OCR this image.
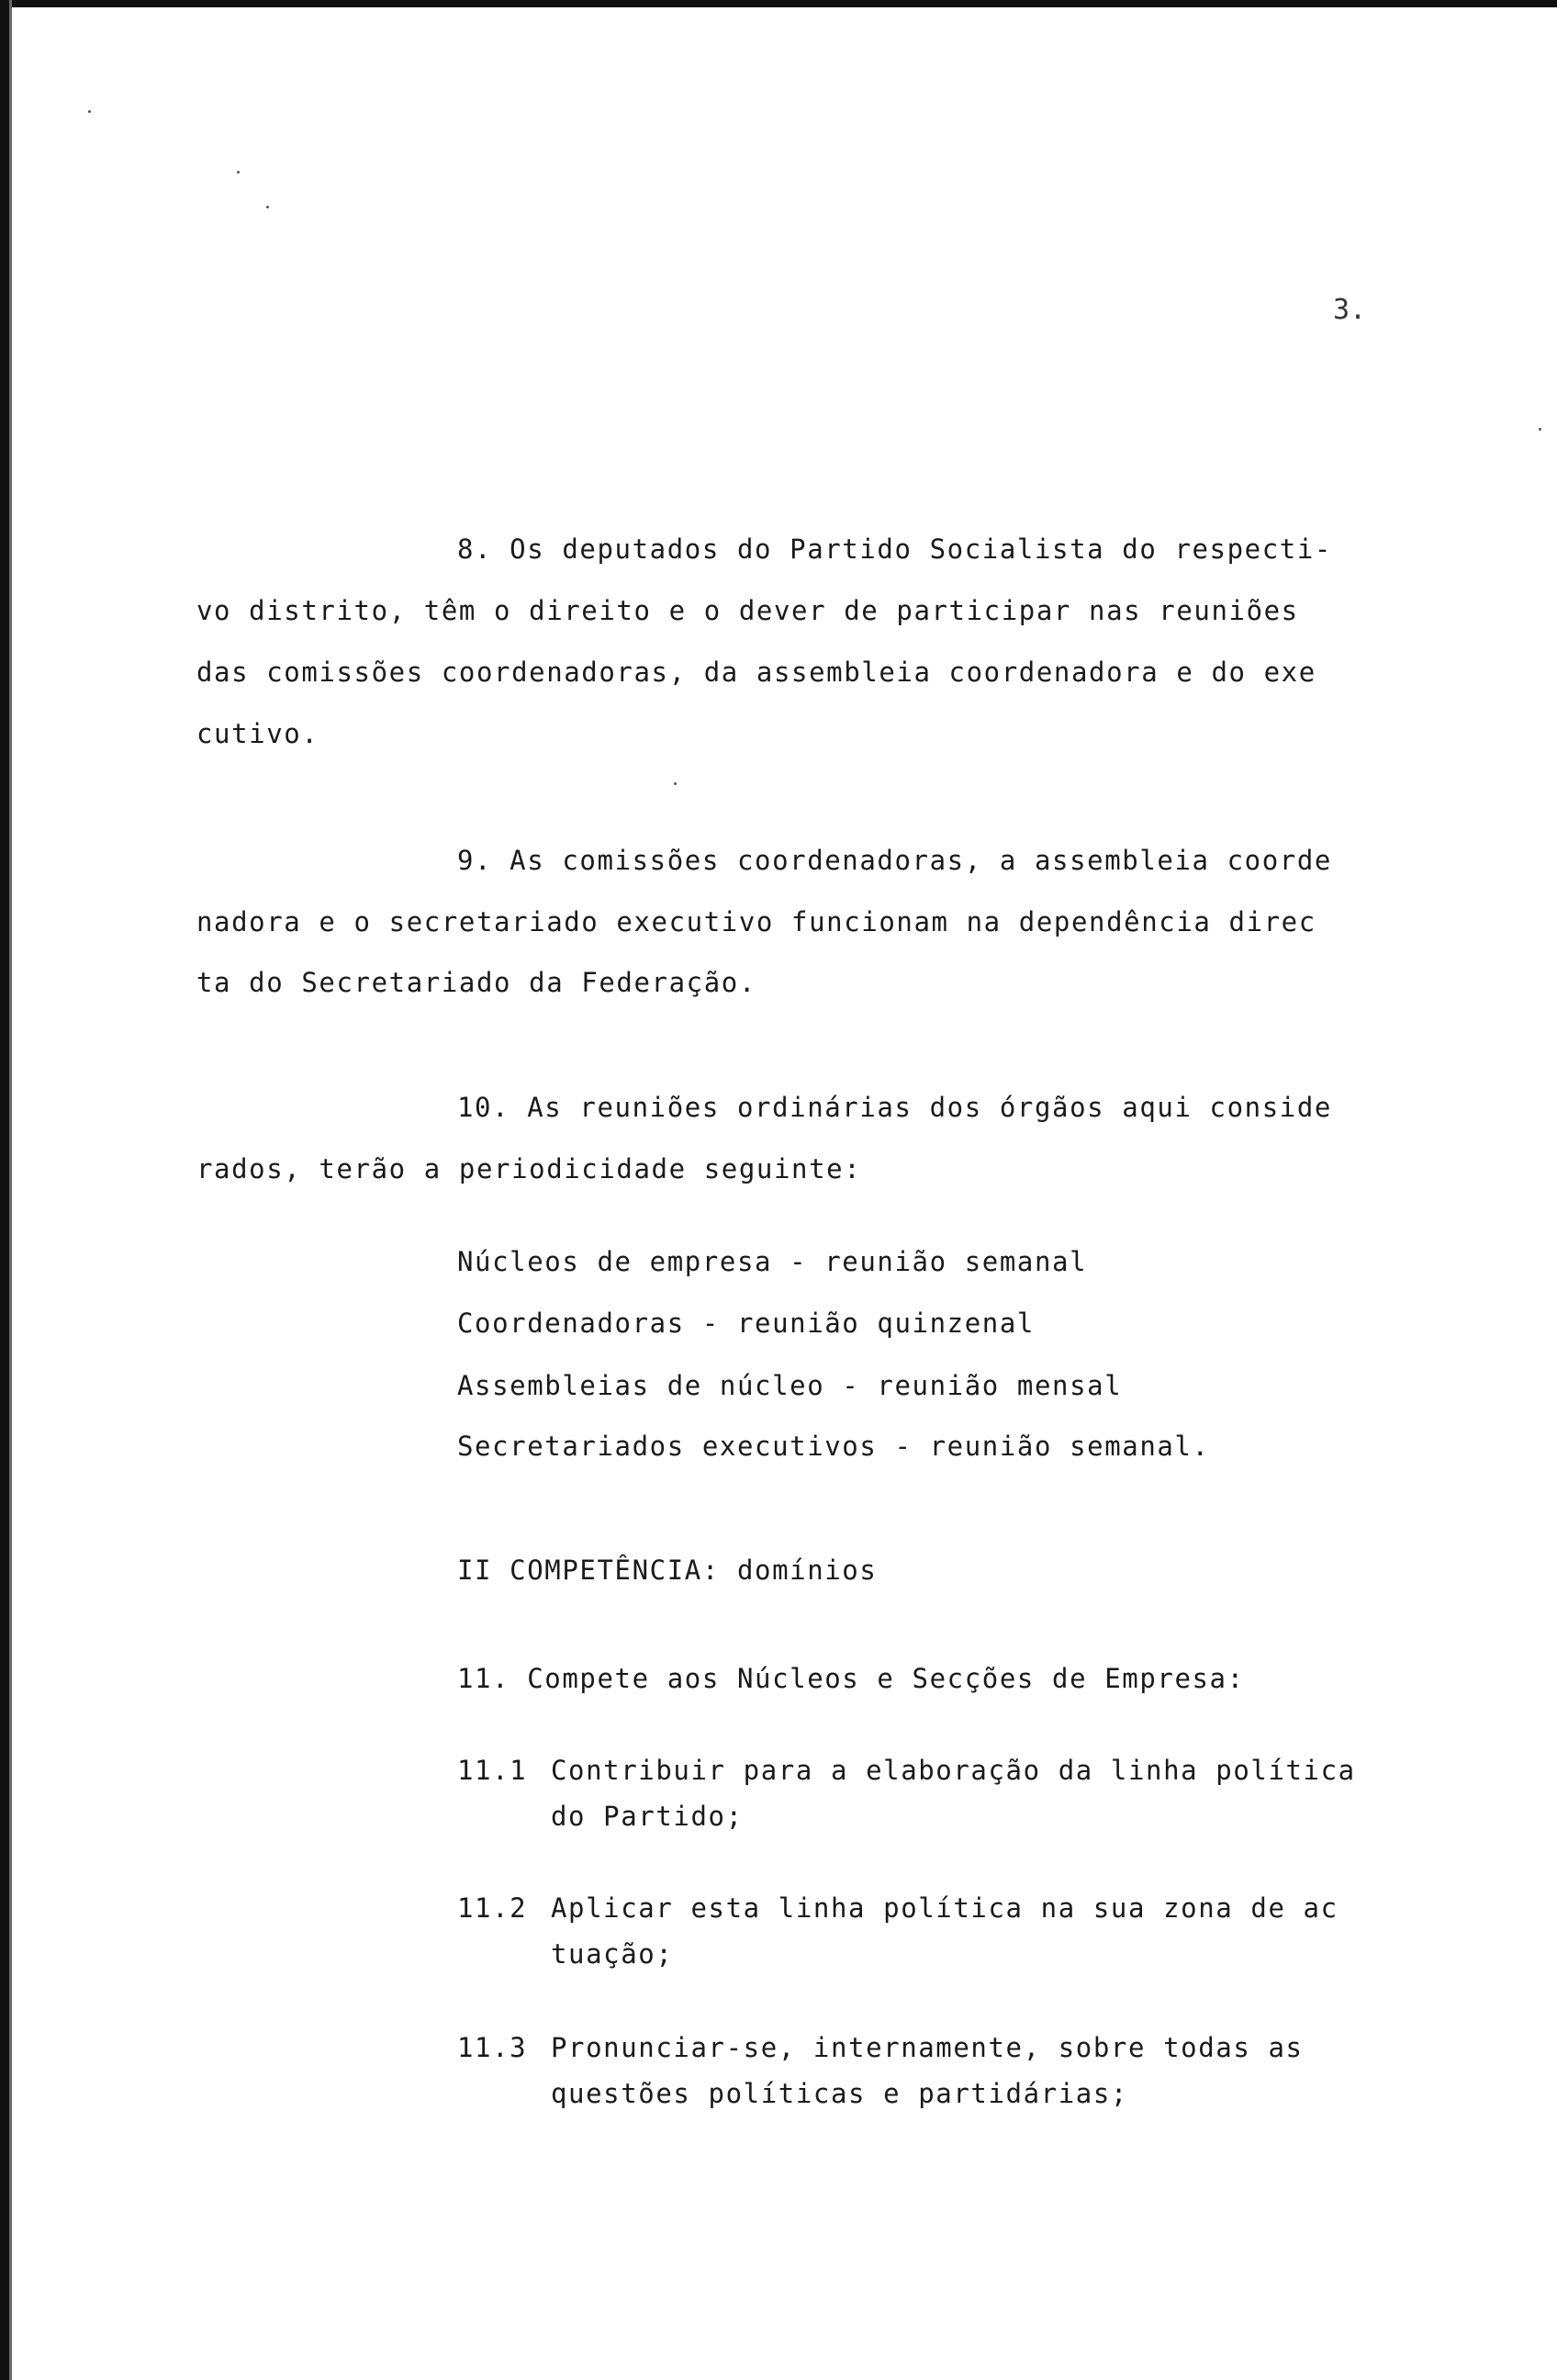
3.
8. Os deputados do Partido Socialista do respecti-
vo distrito, têm o direito e o dever de participar nas reuniões
das comissões coordenadoras, da assembleia coordenadora e do exe
cutivo.
9. As comissões coordenadoras, a assembleia coorde
nadora e o secretariado executivo funcionam na dependência direc
ta do Secretariado da Federação.
10. As reuniões ordinárias dos órgãos aqui conside
rados, terão a periodicidade seguinte:
Núcleos de empresa - reunião semanal
Coordenadoras - reunião quinzenal
Assembleias de núcleo - reunião mensal
Secretariados executivos - reunião semanal.
II COMPETÊNCIA: domínios
11. Compete aos Núcleos e Secções de Empresa:
11.1 Contribuir para a elaboração da linha política
do Partido;
11.2 Aplicar esta linha política na sua zona de ac
tuação;
11.3 Pronunciar-se, internamente, sobre todas as
questões políticas e partidárias;
